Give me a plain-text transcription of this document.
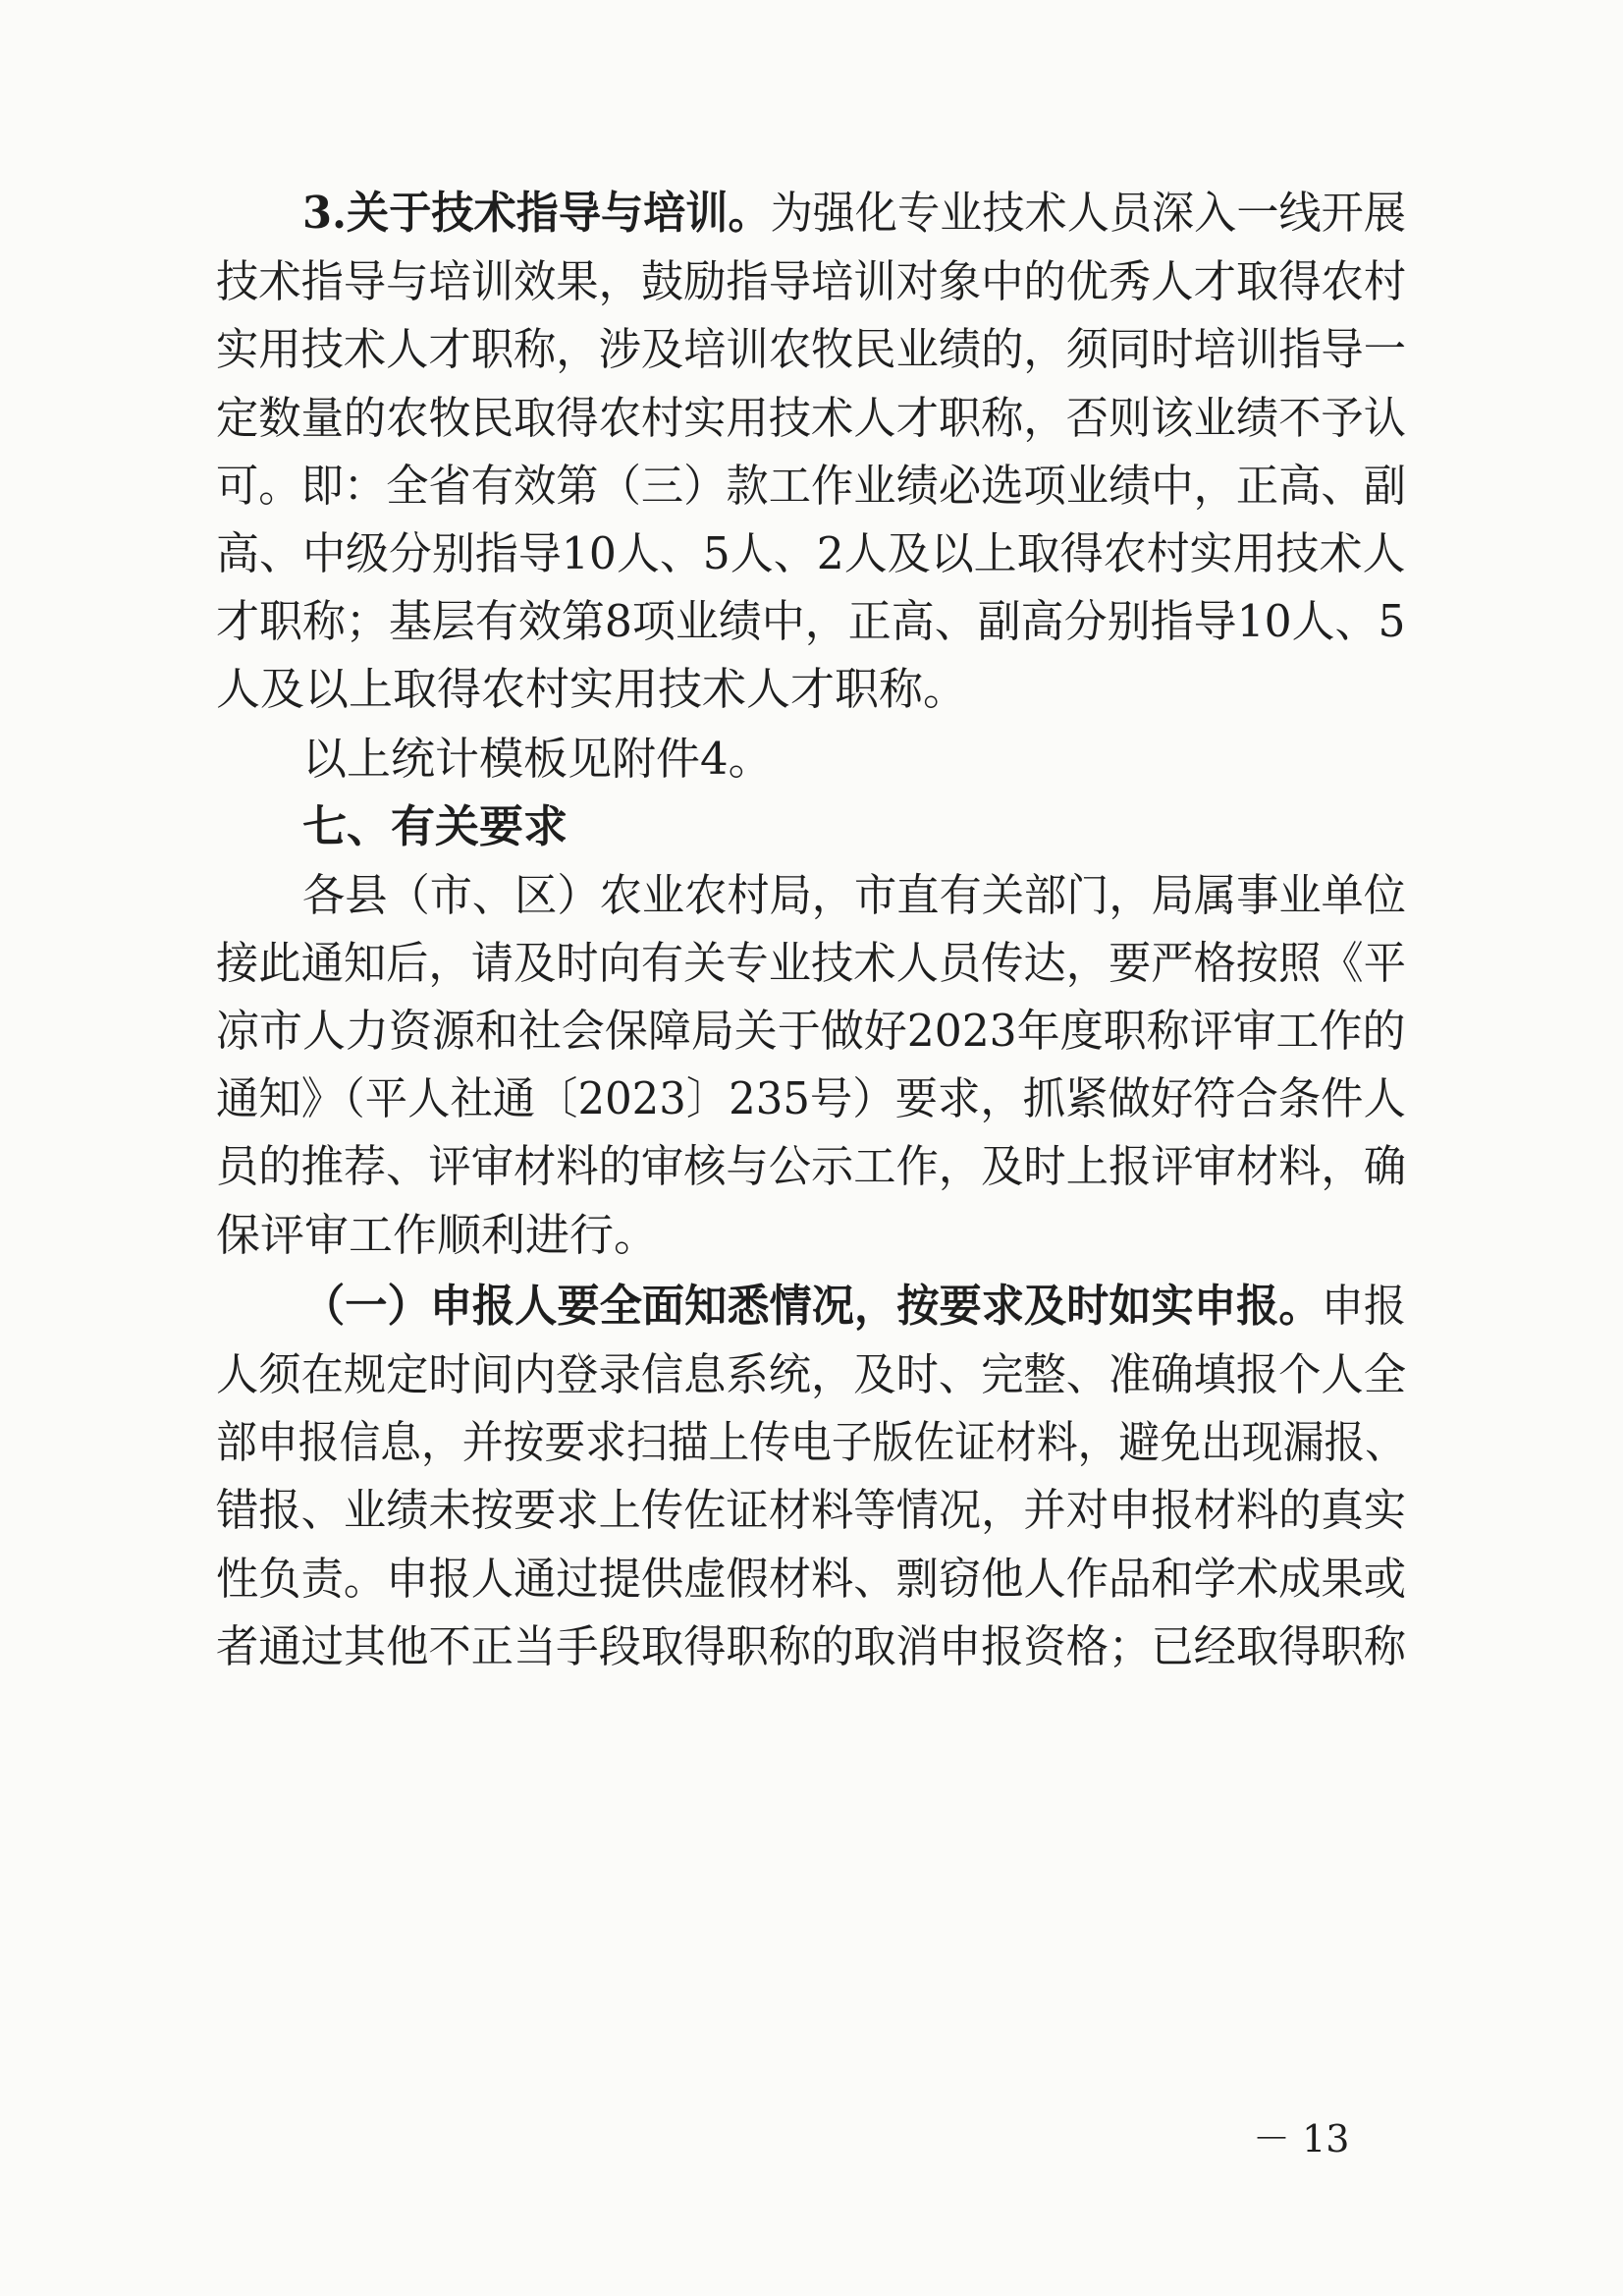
3.关于技术指导与培训。为强化专业技术人员深入一线开展
技术指导与培训效果，鼓励指导培训对象中的优秀人才取得农村
实用技术人才职称，涉及培训农牧民业绩的，须同时培训指导一
定数量的农牧民取得农村实用技术人才职称，否则该业绩不予认
可。即：全省有效第（三）款工作业绩必选项业绩中，正高、副
高、中级分别指导10人、5人、2人及以上取得农村实用技术人
才职称；基层有效第8项业绩中，正高、副高分别指导10人、5
人及以上取得农村实用技术人才职称。
以上统计模板见附件4。
七、有关要求
各县（市、区）农业农村局，市直有关部门，局属事业单位
接此通知后，请及时向有关专业技术人员传达，要严格按照《平
凉市人力资源和社会保障局关于做好2023年度职称评审工作的
通知》（平人社通〔2023〕235号）要求，抓紧做好符合条件人
员的推荐、评审材料的审核与公示工作，及时上报评审材料，确
保评审工作顺利进行。
（一）申报人要全面知悉情况，按要求及时如实申报。申报
人须在规定时间内登录信息系统，及时、完整、准确填报个人全
部申报信息，并按要求扫描上传电子版佐证材料，避免出现漏报、
错报、业绩未按要求上传佐证材料等情况，并对申报材料的真实
性负责。申报人通过提供虚假材料、剽窃他人作品和学术成果或
者通过其他不正当手段取得职称的取消申报资格；已经取得职称
－ 13
